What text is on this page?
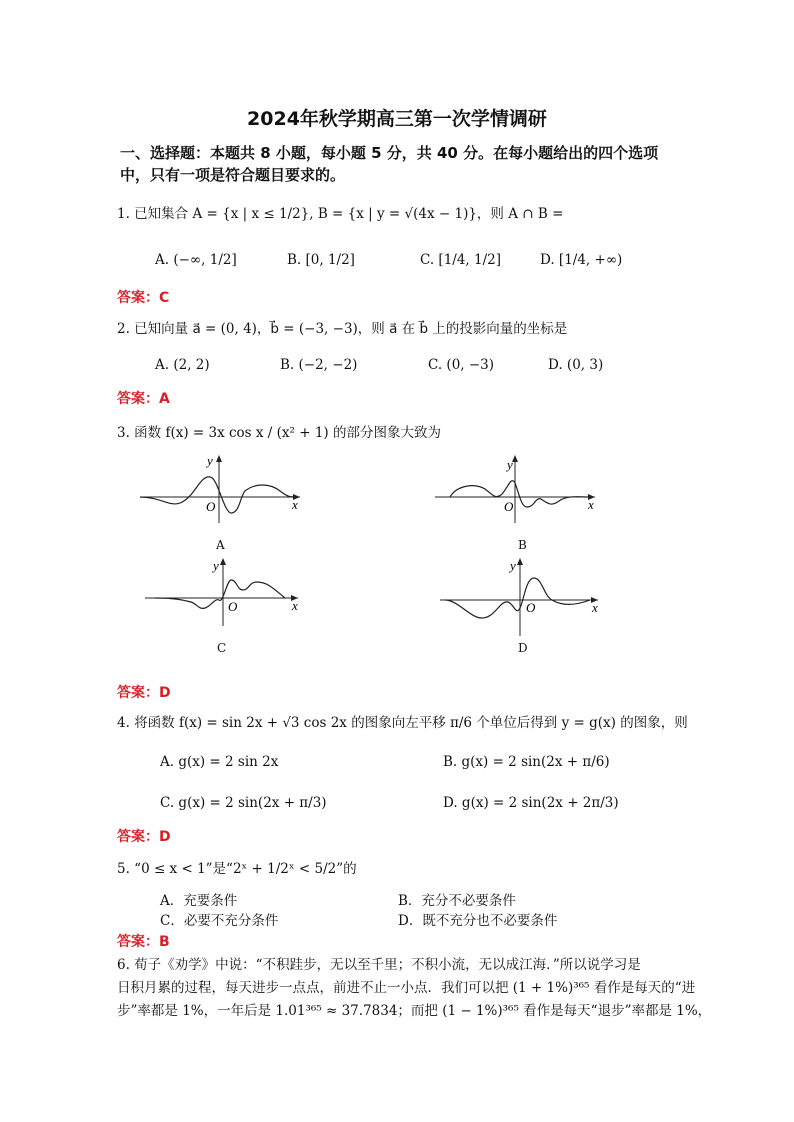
2024年秋学期高三第一次学情调研
一、选择题：本题共 8 小题，每小题 5 分，共 40 分。在每小题给出的四个选项
中，只有一项是符合题目要求的。
1. 已知集合 A = {x | x ≤ 1/2}, B = {x | y = √(4x − 1)}，则 A ∩ B =
A. (−∞, 1/2]	B. [0, 1/2]	C. [1/4, 1/2]	D. [1/4, +∞)
答案：C
2. 已知向量 a⃗ = (0, 4)，b⃗ = (−3, −3)，则 a⃗ 在 b⃗ 上的投影向量的坐标是
A. (2, 2)	B. (−2, −2)	C. (0, −3)	D. (0, 3)
答案：A
3. 函数 f(x) = 3x cos x / (x² + 1) 的部分图象大致为
y
O	x
A
y
O	x
B
y
O	x
C
y
O	x
D
答案：D
4. 将函数 f(x) = sin 2x + √3 cos 2x 的图象向左平移 π/6 个单位后得到 y = g(x) 的图象，则
A. g(x) = 2 sin 2x	B. g(x) = 2 sin(2x + π/6)
C. g(x) = 2 sin(2x + π/3)	D. g(x) = 2 sin(2x + 2π/3)
答案：D
5. “0 ≤ x < 1”是“2ˣ + 1/2ˣ < 5/2”的
A．充要条件	B．充分不必要条件
C．必要不充分条件	D．既不充分也不必要条件
答案：B
6. 荀子《劝学》中说：“不积跬步，无以至千里；不积小流，无以成江海．”所以说学习是
日积月累的过程，每天进步一点点，前进不止一小点．我们可以把 (1 + 1%)³⁶⁵ 看作是每天的“进
步”率都是 1%，一年后是 1.01³⁶⁵ ≈ 37.7834；而把 (1 − 1%)³⁶⁵ 看作是每天“退步”率都是 1%，
